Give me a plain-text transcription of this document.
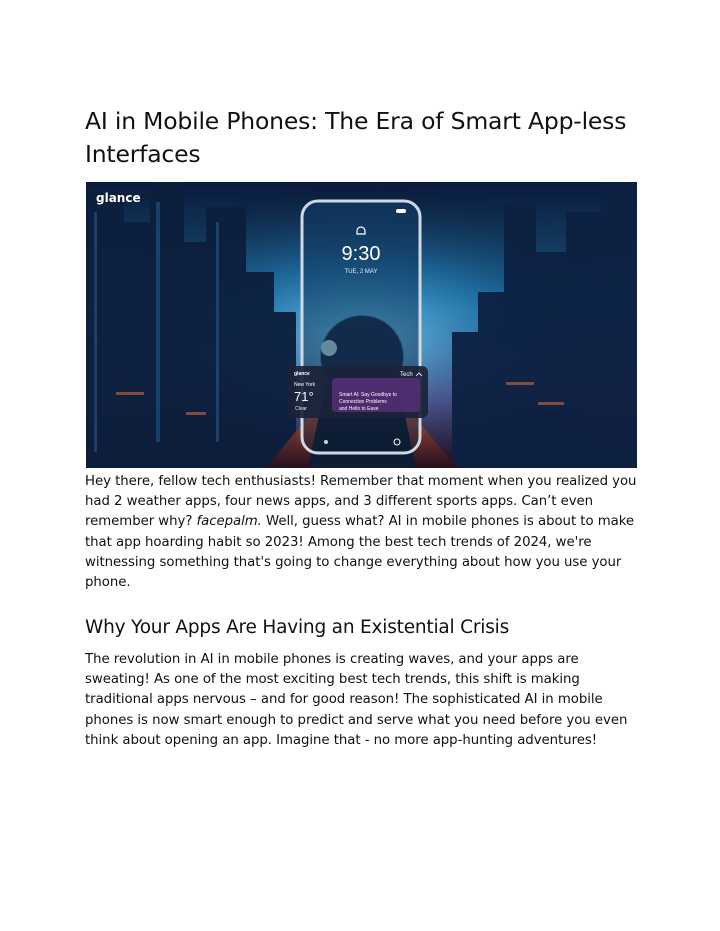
AI in Mobile Phones: The Era of Smart App-less Interfaces
9:30
TUE, 2 MAY
glance	Tech
New York
71°
Clear
Smart AI: Say Goodbye to
Connection Problems
and Hello to Ease
glance

Hey there, fellow tech enthusiasts! Remember that moment when you realized you had 2 weather apps, four news apps, and 3 different sports apps. Can’t even remember why? facepalm. Well, guess what? AI in mobile phones is about to make that app hoarding habit so 2023! Among the best tech trends of 2024, we're witnessing something that's going to change everything about how you use your phone.

Why Your Apps Are Having an Existential Crisis

The revolution in AI in mobile phones is creating waves, and your apps are sweating! As one of the most exciting best tech trends, this shift is making traditional apps nervous – and for good reason! The sophisticated AI in mobile phones is now smart enough to predict and serve what you need before you even think about opening an app. Imagine that - no more app-hunting adventures!
